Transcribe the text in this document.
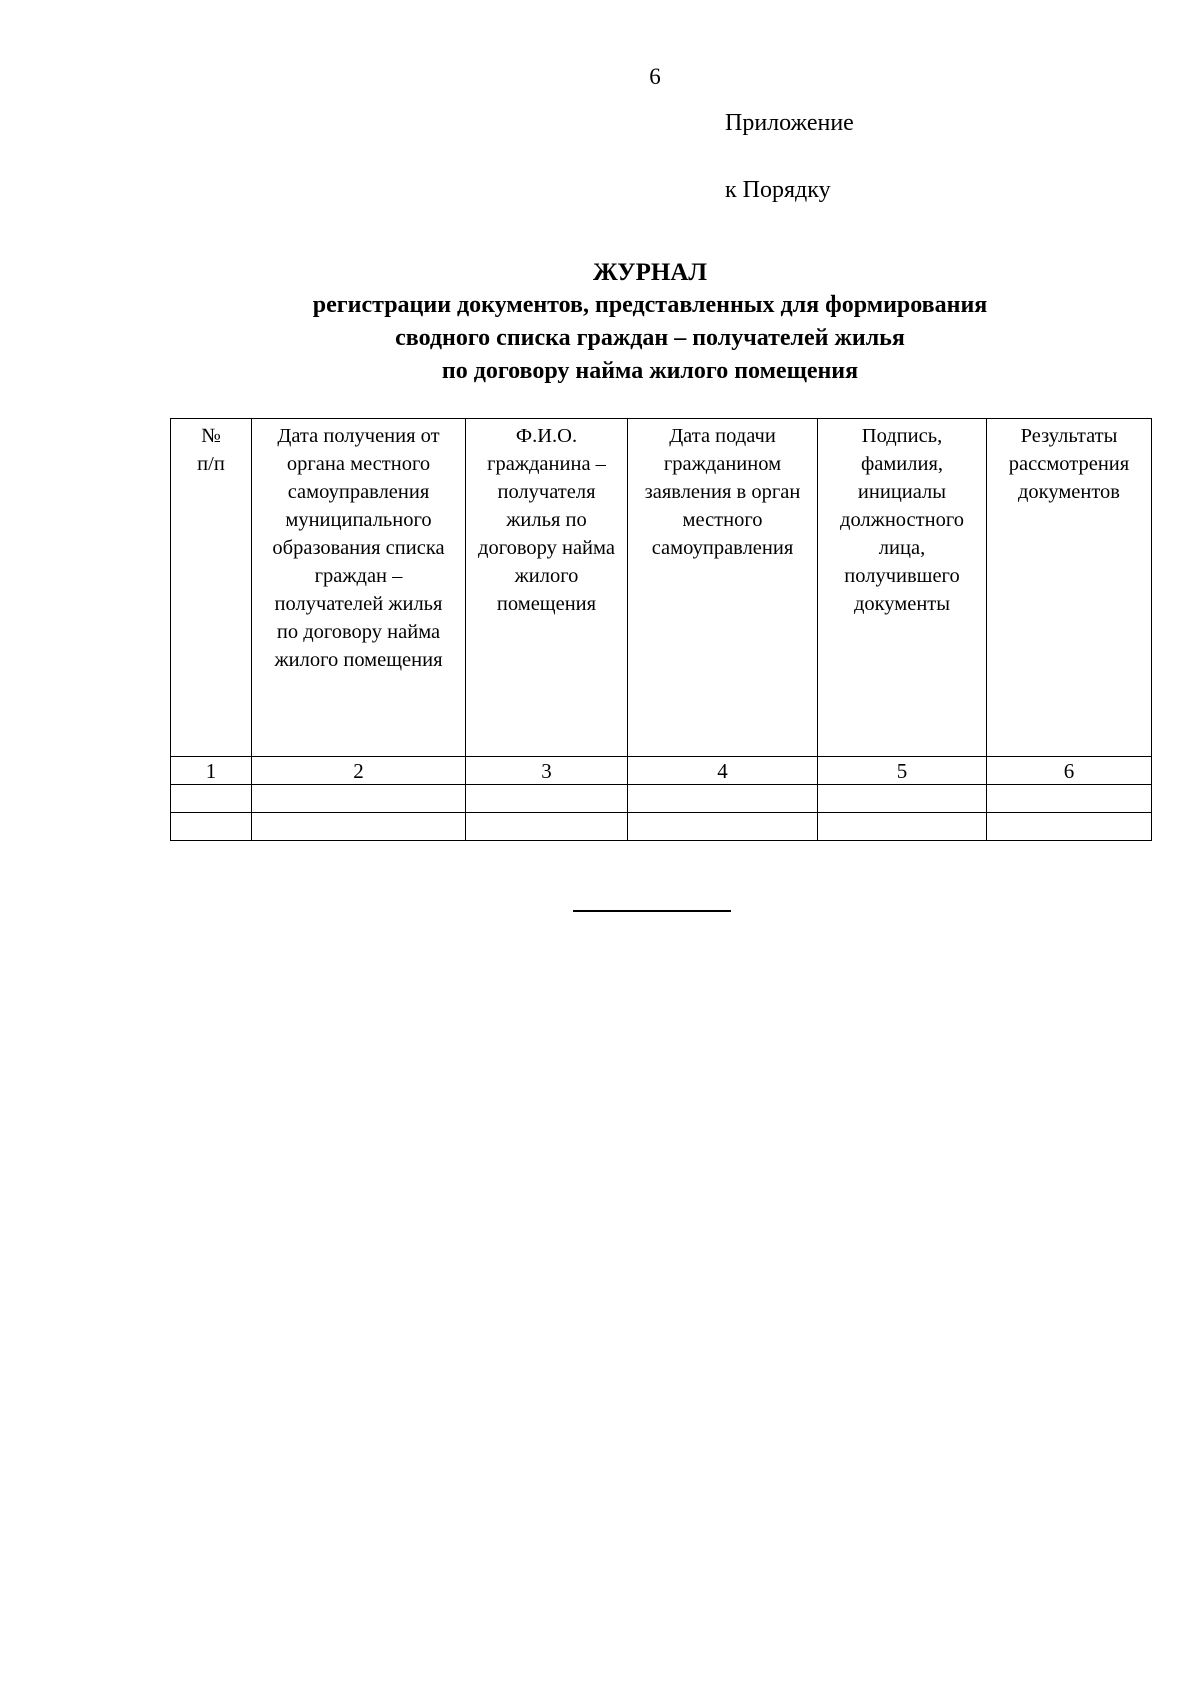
6
Приложение
к Порядку
ЖУРНАЛ
регистрации документов, представленных для формирования
сводного списка граждан – получателей жилья
по договору найма жилого помещения
№ п/п	Дата получения от органа местного самоуправления муниципального образования списка граждан – получателей жилья по договору найма жилого помещения	Ф.И.О. гражданина – получателя жилья по договору найма жилого помещения	Дата подачи гражданином заявления в орган местного самоуправления	Подпись, фамилия, инициалы должностного лица, получившего документы	Результаты рассмотрения документов

1	2	3	4	5	6
